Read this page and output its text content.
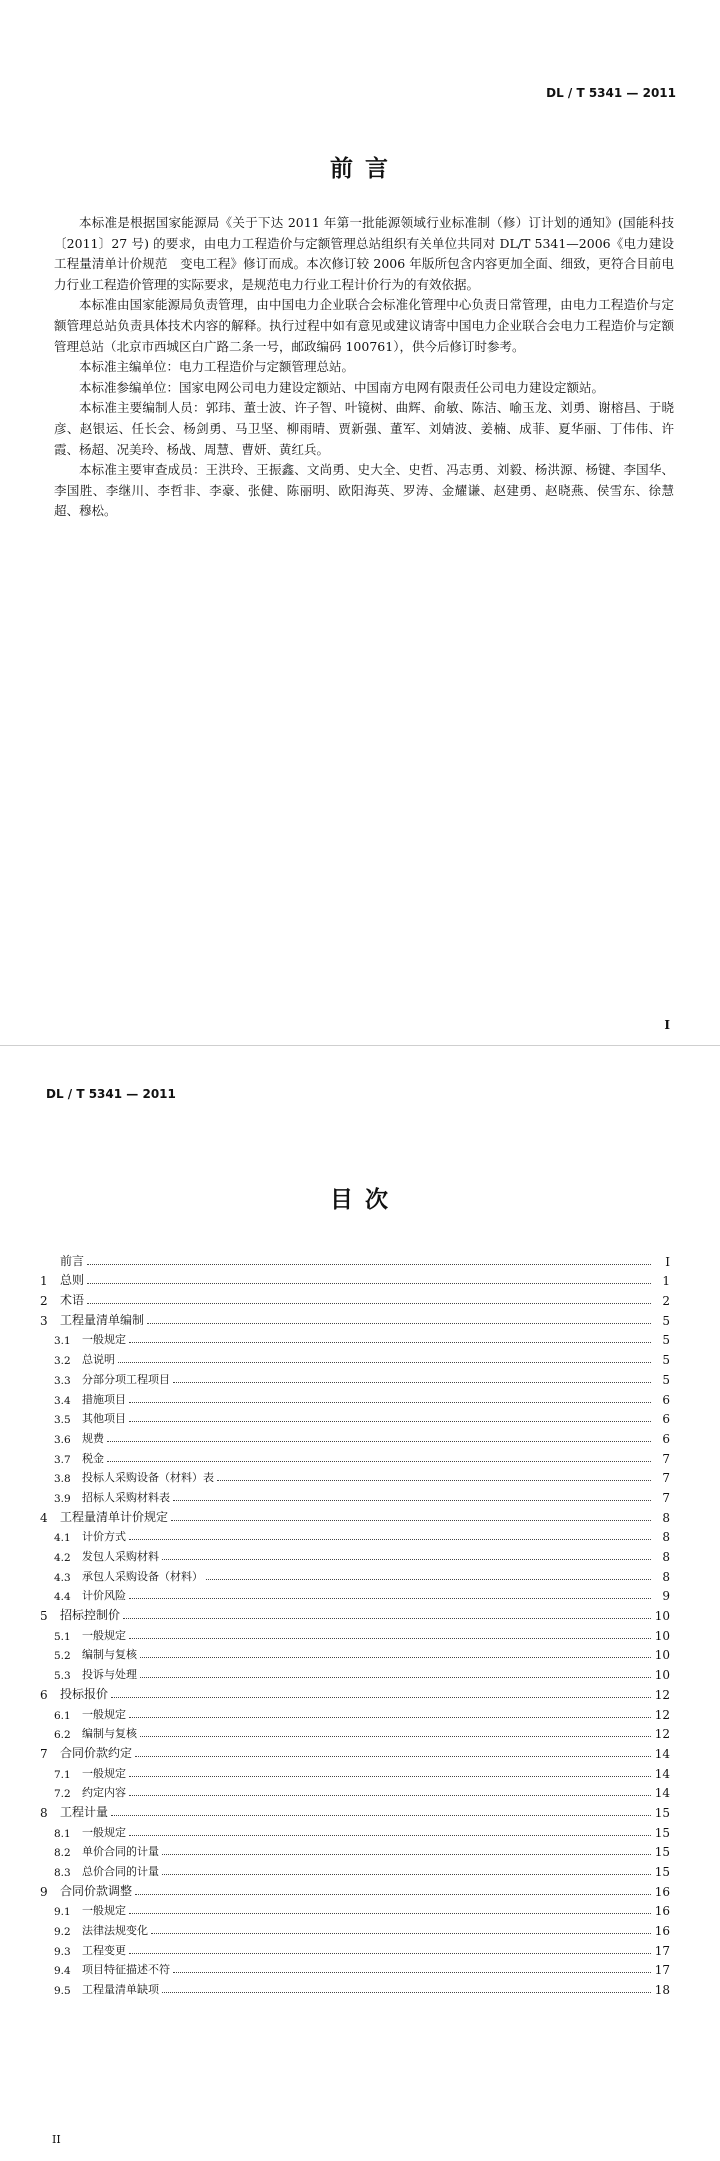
DL / T 5341 — 2011
前 言

本标准是根据国家能源局《关于下达 2011 年第一批能源领域行业标准制（修）订计划的通知》(国能科技〔2011〕27 号) 的要求，由电力工程造价与定额管理总站组织有关单位共同对 DL/T 5341—2006《电力建设工程量清单计价规范　变电工程》修订而成。本次修订较 2006 年版所包含内容更加全面、细致，更符合目前电力行业工程造价管理的实际要求，是规范电力行业工程计价行为的有效依据。

本标准由国家能源局负责管理，由中国电力企业联合会标准化管理中心负责日常管理，由电力工程造价与定额管理总站负责具体技术内容的解释。执行过程中如有意见或建议请寄中国电力企业联合会电力工程造价与定额管理总站（北京市西城区白广路二条一号，邮政编码 100761），供今后修订时参考。

本标准主编单位：电力工程造价与定额管理总站。

本标准参编单位：国家电网公司电力建设定额站、中国南方电网有限责任公司电力建设定额站。

本标准主要编制人员：郭玮、董士波、许子智、叶镜树、曲辉、俞敏、陈洁、喻玉龙、刘勇、谢榕昌、于晓彦、赵银运、任长会、杨剑勇、马卫坚、柳雨晴、贾新强、董军、刘婧波、姜楠、成菲、夏华丽、丁伟伟、许霞、杨超、况美玲、杨战、周慧、曹妍、黄红兵。

本标准主要审查成员：王洪玲、王振鑫、文尚勇、史大全、史哲、冯志勇、刘毅、杨洪源、杨键、李国华、李国胜、李继川、李哲非、李豪、张健、陈丽明、欧阳海英、罗涛、金耀谦、赵建勇、赵晓燕、侯雪东、徐慧超、穆松。

I
DL / T 5341 — 2011
目 次
前言	I
1	总则	1
2	术语	2
3	工程量清单编制	5
3.1	一般规定	5
3.2	总说明	5
3.3	分部分项工程项目	5
3.4	措施项目	6
3.5	其他项目	6
3.6	规费	6
3.7	税金	7
3.8	投标人采购设备（材料）表	7
3.9	招标人采购材料表	7
4	工程量清单计价规定	8
4.1	计价方式	8
4.2	发包人采购材料	8
4.3	承包人采购设备（材料）	8
4.4	计价风险	9
5	招标控制价	10
5.1	一般规定	10
5.2	编制与复核	10
5.3	投诉与处理	10
6	投标报价	12
6.1	一般规定	12
6.2	编制与复核	12
7	合同价款约定	14
7.1	一般规定	14
7.2	约定内容	14
8	工程计量	15
8.1	一般规定	15
8.2	单价合同的计量	15
8.3	总价合同的计量	15
9	合同价款调整	16
9.1	一般规定	16
9.2	法律法规变化	16
9.3	工程变更	17
9.4	项目特征描述不符	17
9.5	工程量清单缺项	18
II
